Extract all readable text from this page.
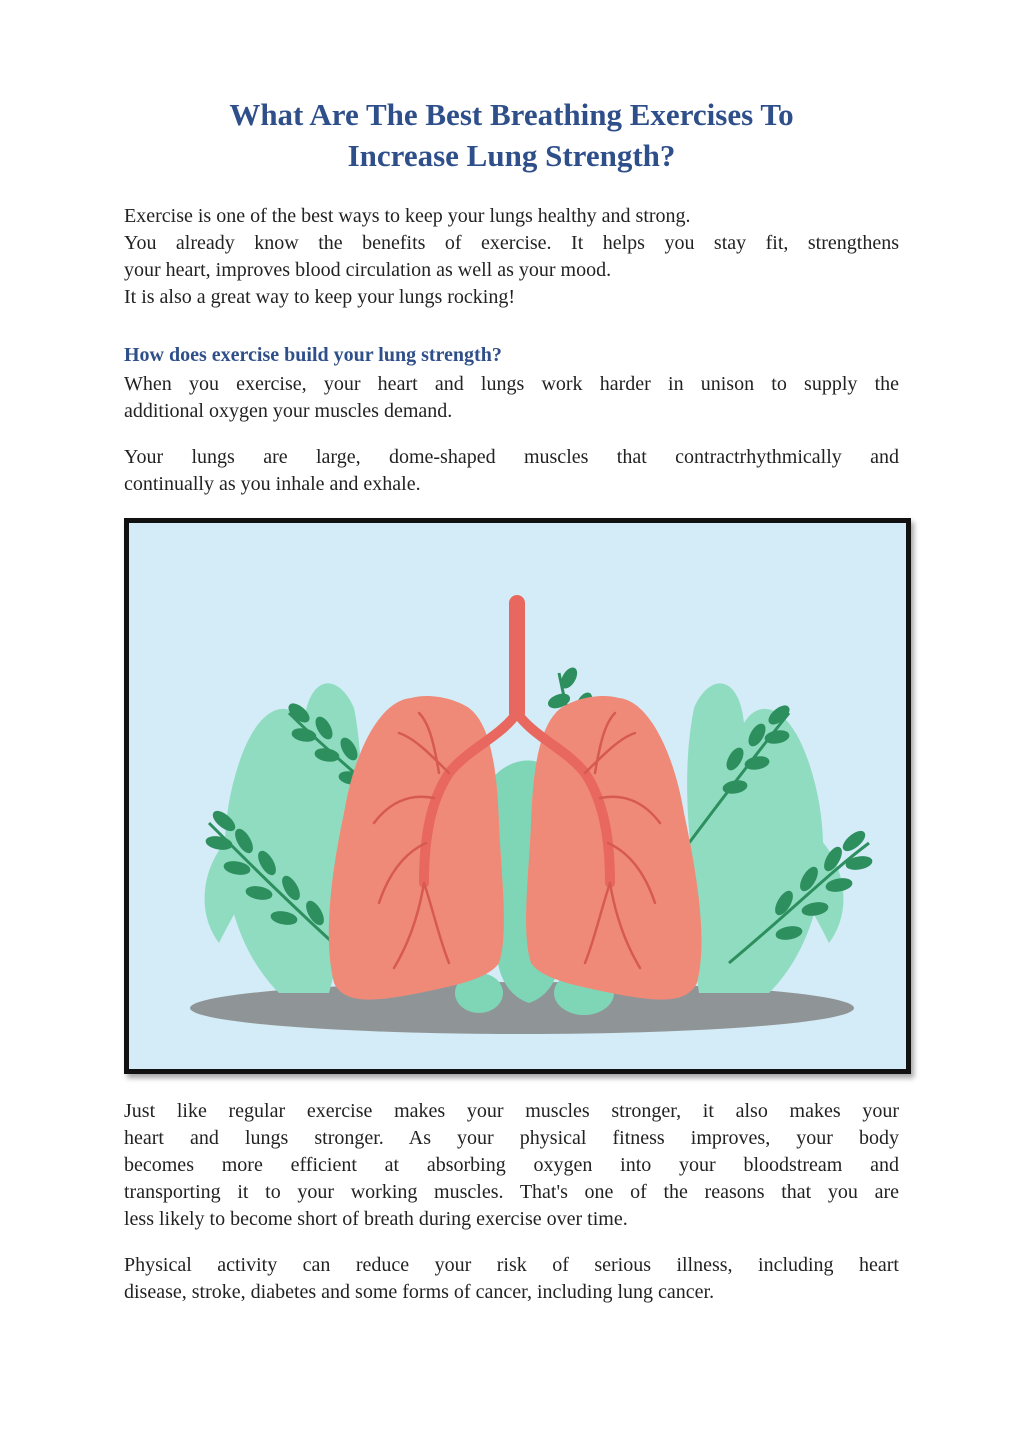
What Are The Best Breathing Exercises To
Increase Lung Strength?

Exercise is one of the best ways to keep your lungs healthy and strong.
You already know the benefits of exercise. It helps you stay fit, strengthens
your heart, improves blood circulation as well as your mood.
It is also a great way to keep your lungs rocking!

How does exercise build your lung strength?

When you exercise, your heart and lungs work harder in unison to supply the
additional oxygen your muscles demand.

Your lungs are large, dome-shaped muscles that contractrhythmically and
continually as you inhale and exhale.

Just like regular exercise makes your muscles stronger, it also makes your
heart and lungs stronger. As your physical fitness improves, your body
becomes more efficient at absorbing oxygen into your bloodstream and
transporting it to your working muscles. That's one of the reasons that you are
less likely to become short of breath during exercise over time.

Physical activity can reduce your risk of serious illness, including heart
disease, stroke, diabetes and some forms of cancer, including lung cancer.
